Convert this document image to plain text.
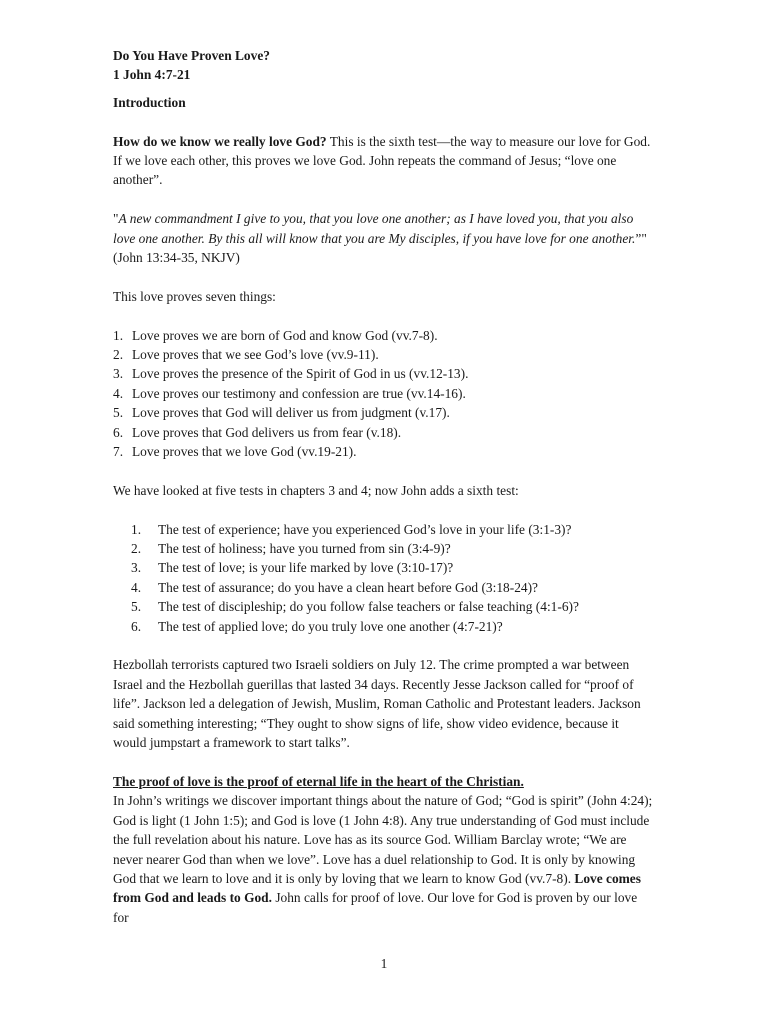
Do You Have Proven Love?

1 John 4:7-21

Introduction

How do we know we really love God? This is the sixth test—the way to measure our love for God. If we love each other, this proves we love God. John repeats the command of Jesus; “love one another”.

"A new commandment I give to you, that you love one another; as I have loved you, that you also love one another. By this all will know that you are My disciples, if you have love for one another.”" (John 13:34-35, NKJV)

This love proves seven things:

1. Love proves we are born of God and know God (vv.7-8).
2. Love proves that we see God’s love (vv.9-11).
3. Love proves the presence of the Spirit of God in us (vv.12-13).
4. Love proves our testimony and confession are true (vv.14-16).
5. Love proves that God will deliver us from judgment (v.17).
6. Love proves that God delivers us from fear (v.18).
7. Love proves that we love God (vv.19-21).

We have looked at five tests in chapters 3 and 4; now John adds a sixth test:

1.	The test of experience; have you experienced God’s love in your life (3:1-3)?
2.	The test of holiness; have you turned from sin (3:4-9)?
3.	The test of love; is your life marked by love (3:10-17)?
4.	The test of assurance; do you have a clean heart before God (3:18-24)?
5.	The test of discipleship; do you follow false teachers or false teaching (4:1-6)?
6.	The test of applied love; do you truly love one another (4:7-21)?

Hezbollah terrorists captured two Israeli soldiers on July 12. The crime prompted a war between Israel and the Hezbollah guerillas that lasted 34 days. Recently Jesse Jackson called for “proof of life”. Jackson led a delegation of Jewish, Muslim, Roman Catholic and Protestant leaders. Jackson said something interesting; “They ought to show signs of life, show video evidence, because it would jumpstart a framework to start talks”.

The proof of love is the proof of eternal life in the heart of the Christian.

In John’s writings we discover important things about the nature of God; “God is spirit” (John 4:24); God is light (1 John 1:5); and God is love (1 John 4:8). Any true understanding of God must include the full revelation about his nature. Love has as its source God. William Barclay wrote; “We are never nearer God than when we love”. Love has a duel relationship to God. It is only by knowing God that we learn to love and it is only by loving that we learn to know God (vv.7-8). Love comes from God and leads to God. John calls for proof of love. Our love for God is proven by our love for

1
